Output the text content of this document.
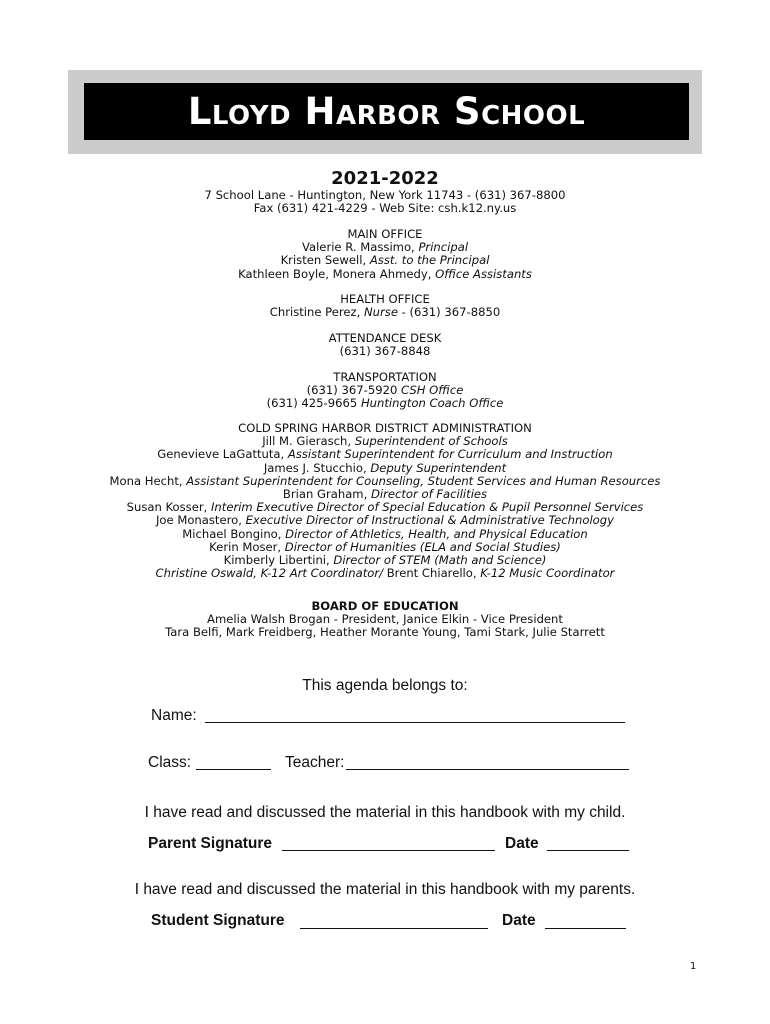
Lloyd Harbor School
2021-2022
7 School Lane - Huntington, New York 11743 - (631) 367-8800
Fax (631) 421-4229 - Web Site: csh.k12.ny.us
MAIN OFFICE
Valerie R. Massimo, Principal
Kristen Sewell, Asst. to the Principal
Kathleen Boyle, Monera Ahmedy, Office Assistants
HEALTH OFFICE
Christine Perez, Nurse - (631) 367-8850
ATTENDANCE DESK
(631) 367-8848
TRANSPORTATION
(631) 367-5920 CSH Office
(631) 425-9665 Huntington Coach Office
COLD SPRING HARBOR DISTRICT ADMINISTRATION
Jill M. Gierasch, Superintendent of Schools
Genevieve LaGattuta, Assistant Superintendent for Curriculum and Instruction
James J. Stucchio, Deputy Superintendent
Mona Hecht, Assistant Superintendent for Counseling, Student Services and Human Resources
Brian Graham, Director of Facilities
Susan Kosser, Interim Executive Director of Special Education & Pupil Personnel Services
Joe Monastero, Executive Director of Instructional & Administrative Technology
Michael Bongino, Director of Athletics, Health, and Physical Education
Kerin Moser, Director of Humanities (ELA and Social Studies)
Kimberly Libertini, Director of STEM (Math and Science)
Christine Oswald, K-12 Art Coordinator/ Brent Chiarello, K-12 Music Coordinator
BOARD OF EDUCATION
Amelia Walsh Brogan - President, Janice Elkin - Vice President
Tara Belfi, Mark Freidberg, Heather Morante Young, Tami Stark, Julie Starrett
This agenda belongs to:
Name:
Class:	Teacher:
I have read and discussed the material in this handbook with my child.
Parent Signature	Date
I have read and discussed the material in this handbook with my parents.
Student Signature	Date
1
